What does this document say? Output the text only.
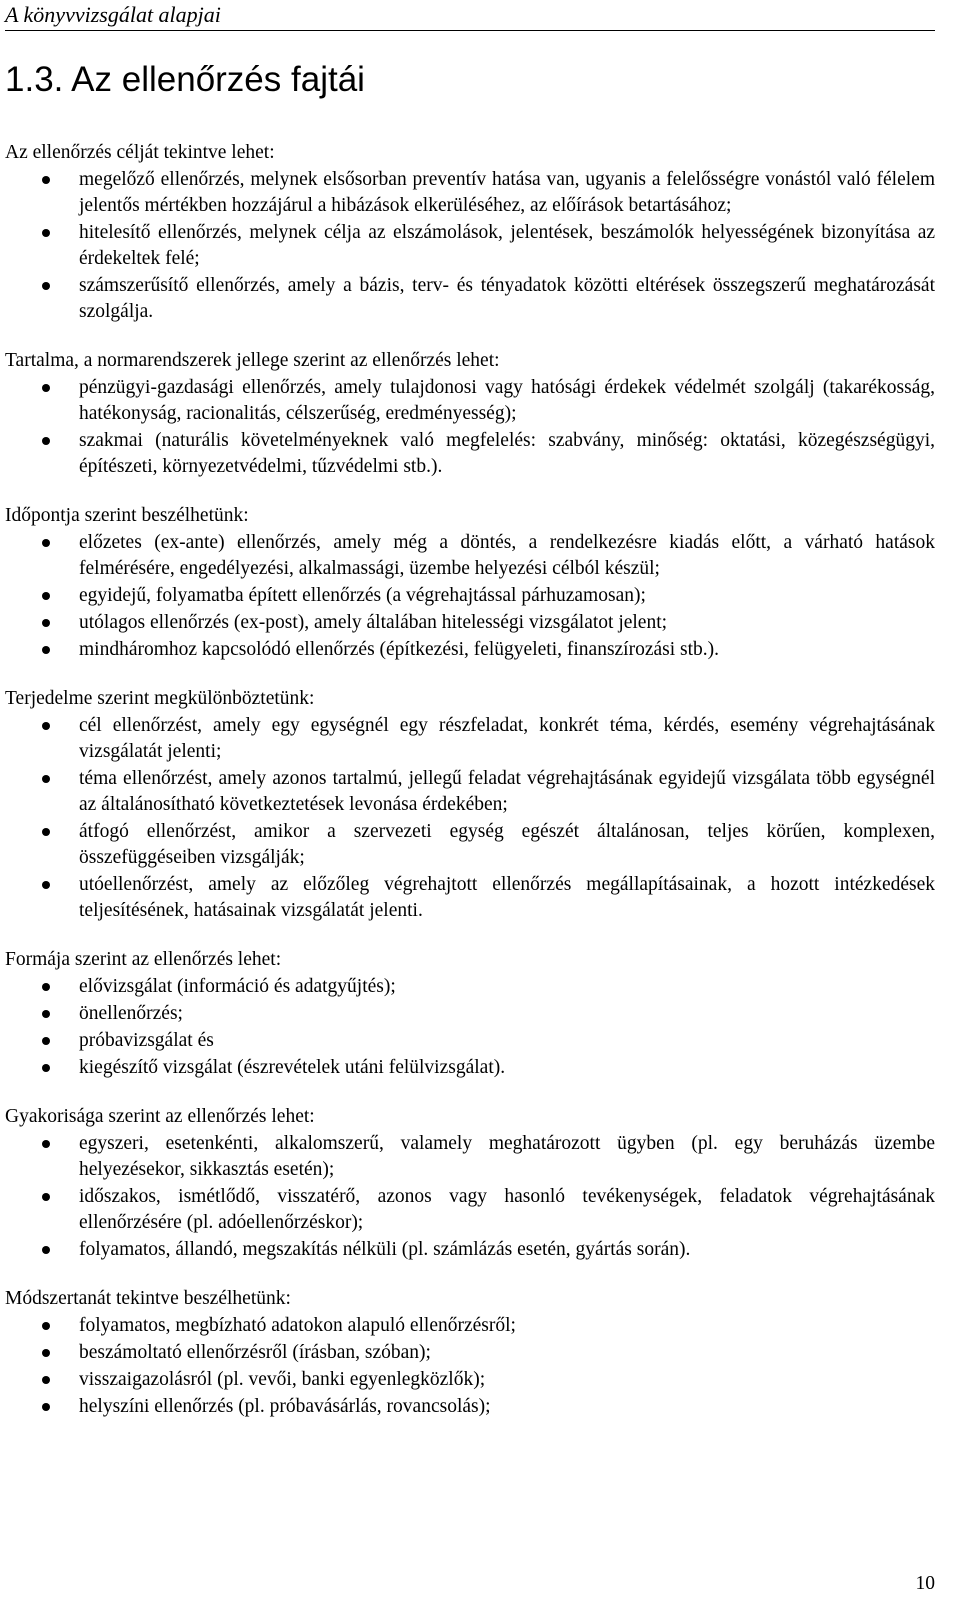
A könyvvizsgálat alapjai
1.3. Az ellenőrzés fajtái

Az ellenőrzés célját tekintve lehet:

megelőző ellenőrzés, melynek elsősorban preventív hatása van, ugyanis a felelősségre vonástól való félelem jelentős mértékben hozzájárul a hibázások elkerüléséhez, az előírások betartásához;
hitelesítő ellenőrzés, melynek célja az elszámolások, jelentések, beszámolók helyességének bizonyítása az érdekeltek felé;
számszerűsítő ellenőrzés, amely a bázis, terv- és tényadatok közötti eltérések összegszerű meghatározását szolgálja.

Tartalma, a normarendszerek jellege szerint az ellenőrzés lehet:

pénzügyi-gazdasági ellenőrzés, amely tulajdonosi vagy hatósági érdekek védelmét szolgálj (takarékosság, hatékonyság, racionalitás, célszerűség, eredményesség);
szakmai (naturális követelményeknek való megfelelés: szabvány, minőség: oktatási, közegészségügyi, építészeti, környezetvédelmi, tűzvédelmi stb.).

Időpontja szerint beszélhetünk:

előzetes (ex-ante) ellenőrzés, amely még a döntés, a rendelkezésre kiadás előtt, a várható hatások felmérésére, engedélyezési, alkalmassági, üzembe helyezési célból készül;
egyidejű, folyamatba épített ellenőrzés (a végrehajtással párhuzamosan);
utólagos ellenőrzés (ex-post), amely általában hitelességi vizsgálatot jelent;
mindháromhoz kapcsolódó ellenőrzés (építkezési, felügyeleti, finanszírozási stb.).

Terjedelme szerint megkülönböztetünk:

cél ellenőrzést, amely egy egységnél egy részfeladat, konkrét téma, kérdés, esemény végrehajtásának vizsgálatát jelenti;
téma ellenőrzést, amely azonos tartalmú, jellegű feladat végrehajtásának egyidejű vizsgálata több egységnél az általánosítható következtetések levonása érdekében;
átfogó ellenőrzést, amikor a szervezeti egység egészét általánosan, teljes körűen, komplexen, összefüggéseiben vizsgálják;
utóellenőrzést, amely az előzőleg végrehajtott ellenőrzés megállapításainak, a hozott intézkedések teljesítésének, hatásainak vizsgálatát jelenti.

Formája szerint az ellenőrzés lehet:

elővizsgálat (információ és adatgyűjtés);
önellenőrzés;
próbavizsgálat és
kiegészítő vizsgálat (észrevételek utáni felülvizsgálat).

Gyakorisága szerint az ellenőrzés lehet:

egyszeri, esetenkénti, alkalomszerű, valamely meghatározott ügyben (pl. egy beruházás üzembe helyezésekor, sikkasztás esetén);
időszakos, ismétlődő, visszatérő, azonos vagy hasonló tevékenységek, feladatok végrehajtásának ellenőrzésére (pl. adóellenőrzéskor);
folyamatos, állandó, megszakítás nélküli (pl. számlázás esetén, gyártás során).

Módszertanát tekintve beszélhetünk:

folyamatos, megbízható adatokon alapuló ellenőrzésről;
beszámoltató ellenőrzésről (írásban, szóban);
visszaigazolásról (pl. vevői, banki egyenlegközlők);
helyszíni ellenőrzés (pl. próbavásárlás, rovancsolás);
10
